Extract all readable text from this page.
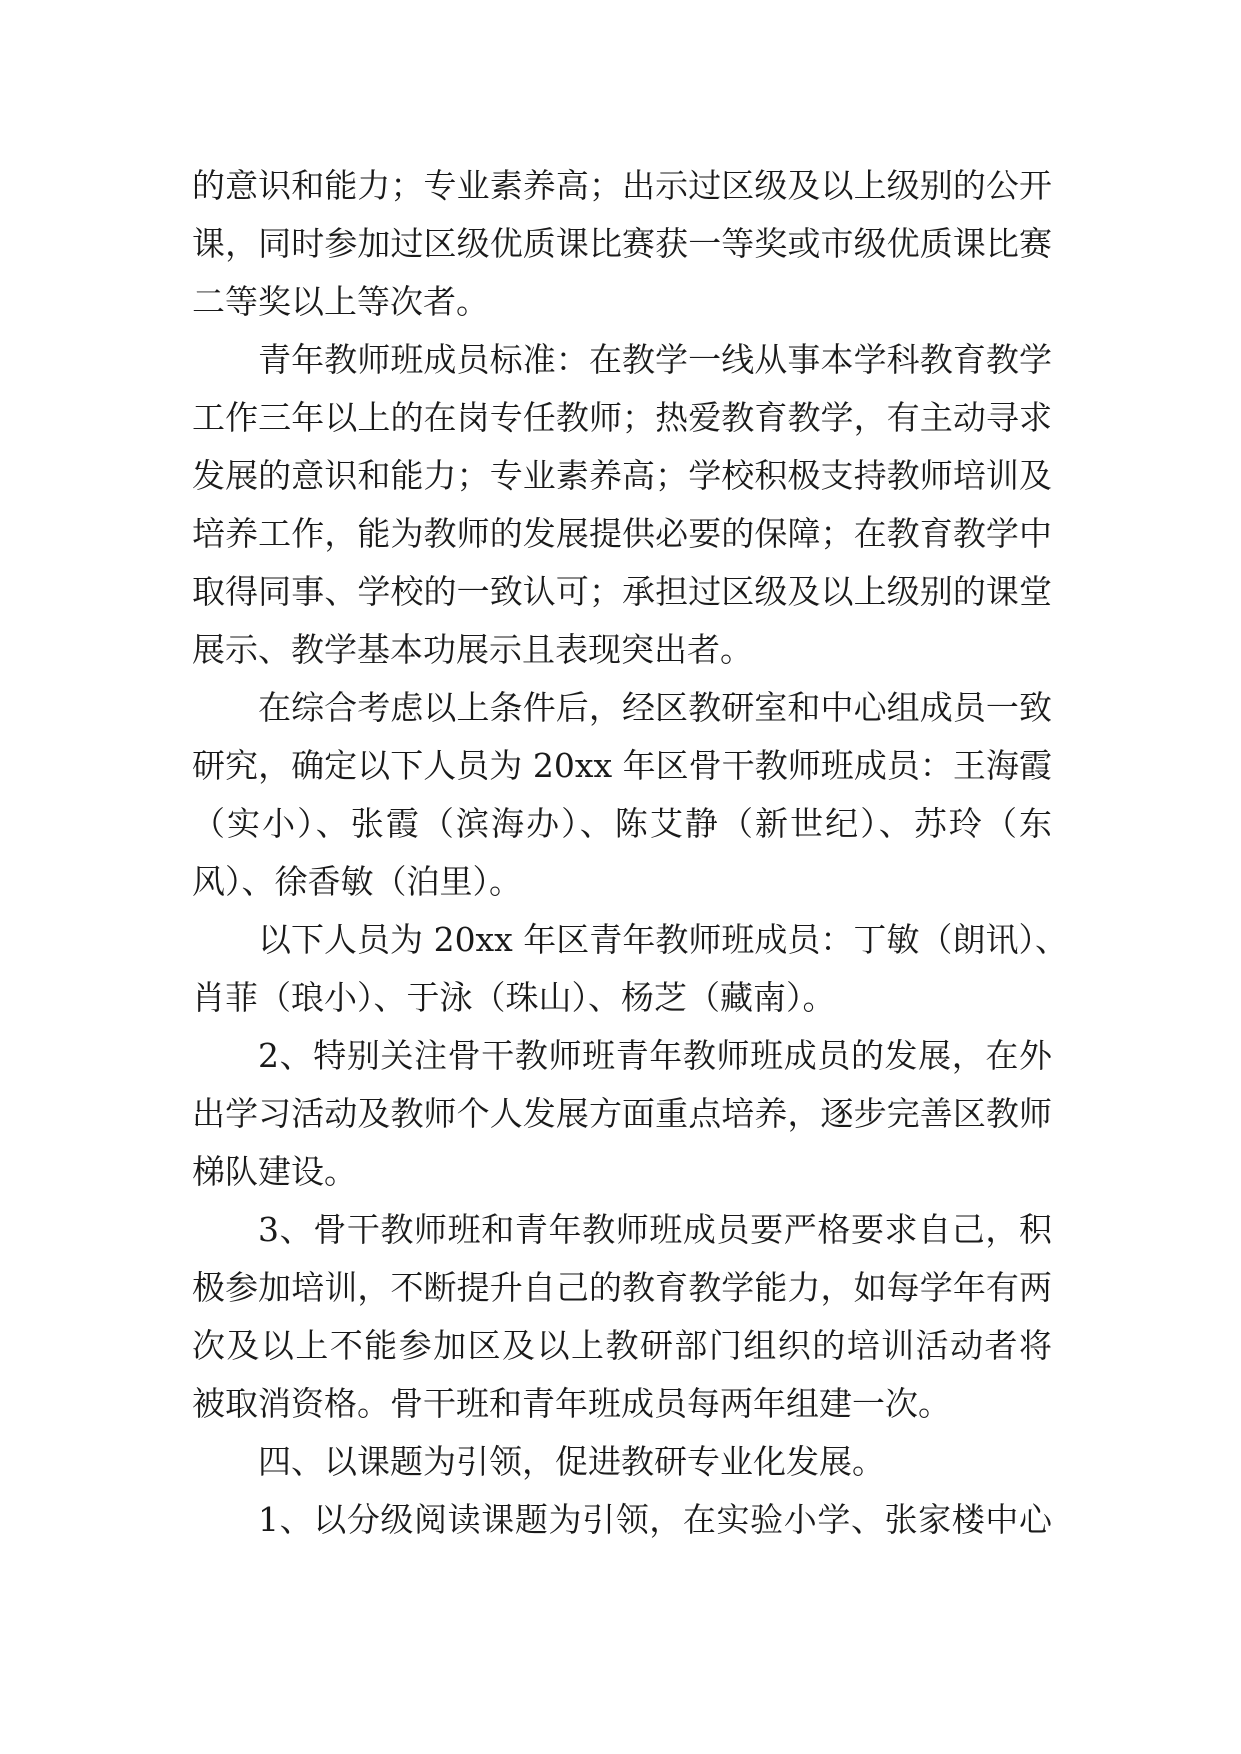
的意识和能力；专业素养高；出示过区级及以上级别的公开
课，同时参加过区级优质课比赛获一等奖或市级优质课比赛
二等奖以上等次者。
青年教师班成员标准：在教学一线从事本学科教育教学
工作三年以上的在岗专任教师；热爱教育教学，有主动寻求
发展的意识和能力；专业素养高；学校积极支持教师培训及
培养工作，能为教师的发展提供必要的保障；在教育教学中
取得同事、学校的一致认可；承担过区级及以上级别的课堂
展示、教学基本功展示且表现突出者。
在综合考虑以上条件后，经区教研室和中心组成员一致
研究，确定以下人员为 20xx 年区骨干教师班成员：王海霞
（实小）、张霞（滨海办）、陈艾静（新世纪）、苏玲（东
风）、徐香敏（泊里）。
以下人员为 20xx 年区青年教师班成员：丁敏（朗讯）、
肖菲（琅小）、于泳（珠山）、杨芝（藏南）。
2、特别关注骨干教师班青年教师班成员的发展，在外
出学习活动及教师个人发展方面重点培养，逐步完善区教师
梯队建设。
3、骨干教师班和青年教师班成员要严格要求自己，积
极参加培训，不断提升自己的教育教学能力，如每学年有两
次及以上不能参加区及以上教研部门组织的培训活动者将
被取消资格。骨干班和青年班成员每两年组建一次。
四、以课题为引领，促进教研专业化发展。
1、以分级阅读课题为引领，在实验小学、张家楼中心
